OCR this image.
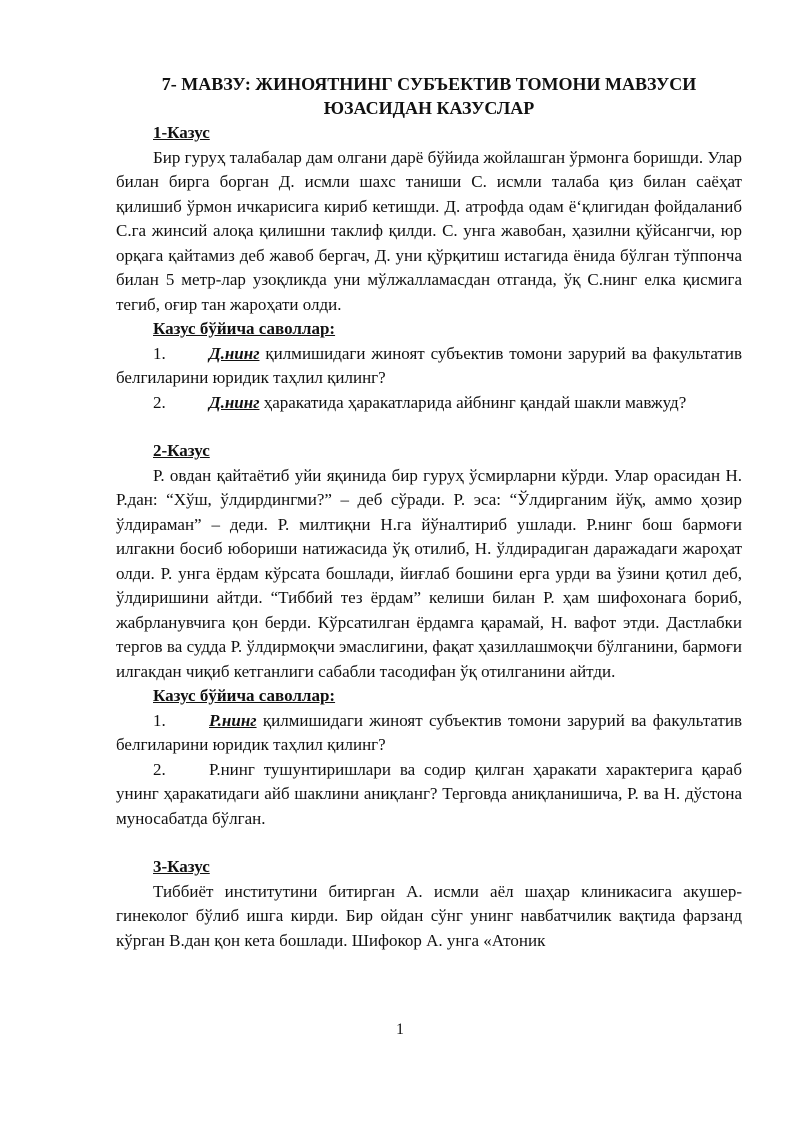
7- МАВЗУ: ЖИНОЯТНИНГ СУБЪЕКТИВ ТОМОНИ МАВЗУСИ ЮЗАСИДАН КАЗУСЛАР

1-Казус

Бир гуруҳ талабалар дам олгани дарё бўйида жойлашган ўрмонга боришди. Улар билан бирга борган Д. исмли шахс таниши С. исмли талаба қиз билан саёҳат қилишиб ўрмон ичкарисига кириб кетишди. Д. атрофда одам ёʻқлигидан фойдаланиб С.га жинсий алоқа қилишни таклиф қилди. С. унга жавобан, ҳазилни қўйсангчи, юр орқага қайтамиз деб жавоб бергач, Д. уни қўрқитиш истагида ёнида бўлган тўппонча билан 5 метр-лар узоқликда уни мўлжалламасдан отганда, ўқ С.нинг елка қисмига тегиб, оғир тан жароҳати олди.

Казус бўйича саволлар:

1.	Д.нинг қилмишидаги жиноят субъектив томони зарурий ва факультатив белгиларини юридик таҳлил қилинг?

2.	Д.нинг ҳаракатида ҳаракатларида айбнинг қандай шакли мавжуд?

2-Казус

Р. овдан қайтаётиб уйи яқинида бир гуруҳ ўсмирларни кўрди. Улар орасидан Н. Р.дан: “Хўш, ўлдирдингми?” – деб сўради. Р. эса: “Ўлдирганим йўқ, аммо ҳозир ўлдираман” – деди. Р. милтиқни Н.га йўналтириб ушлади. Р.нинг бош бармоғи илгакни босиб юбориши натижасида ўқ отилиб, Н. ўлдирадиган даражадаги жароҳат олди. Р. унга ёрдам кўрсата бошлади, йиғлаб бошини ерга урди ва ўзини қотил деб, ўлдиришини айтди. “Тиббий тез ёрдам” келиши билан Р. ҳам шифохонага бориб, жабрланувчига қон берди. Кўрсатилган ёрдамга қарамай, Н. вафот этди. Дастлабки тергов ва судда Р. ўлдирмоқчи эмаслигини, фақат ҳазиллашмоқчи бўлганини, бармоғи илгакдан чиқиб кетганлиги сабабли тасодифан ўқ отилганини айтди.

Казус бўйича саволлар:

1.	Р.нинг қилмишидаги жиноят субъектив томони зарурий ва факультатив белгиларини юридик таҳлил қилинг?

2.	Р.нинг тушунтиришлари ва содир қилган ҳаракати характерига қараб унинг ҳаракатидаги айб шаклини аниқланг? Терговда аниқланишича, Р. ва Н. дўстона муносабатда бўлган.

3-Казус

Тиббиёт институтини битирган А. исмли аёл шаҳар клиникасига акушер-гинеколог бўлиб ишга кирди. Бир ойдан сўнг унинг навбатчилик вақтида фарзанд кўрган В.дан қон кета бошлади. Шифокор А. унга «Атоник

1
